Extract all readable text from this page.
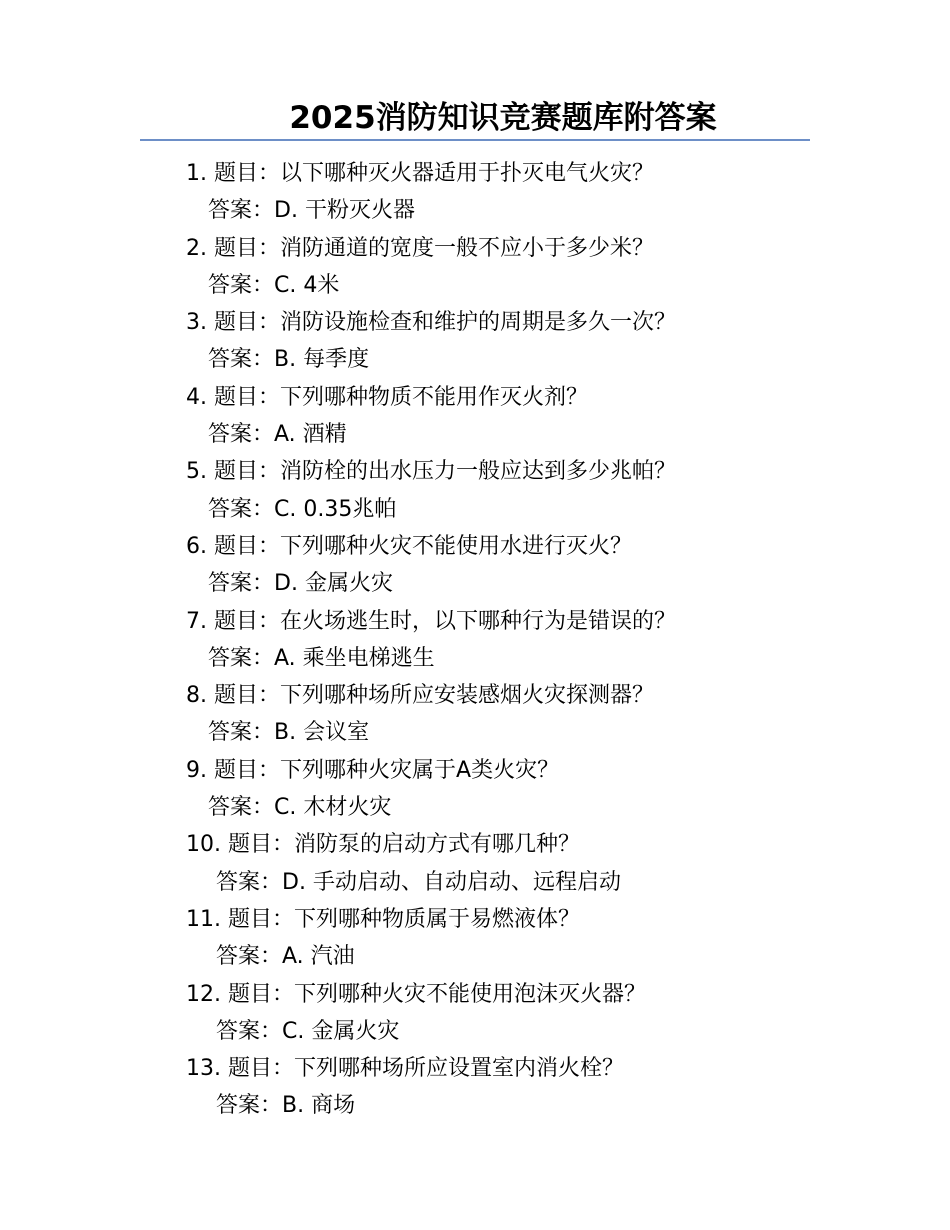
2025消防知识竞赛题库附答案
1. 题目：以下哪种灭火器适用于扑灭电气火灾？
答案：D. 干粉灭火器
2. 题目：消防通道的宽度一般不应小于多少米？
答案：C. 4米
3. 题目：消防设施检查和维护的周期是多久一次？
答案：B. 每季度
4. 题目：下列哪种物质不能用作灭火剂？
答案：A. 酒精
5. 题目：消防栓的出水压力一般应达到多少兆帕？
答案：C. 0.35兆帕
6. 题目：下列哪种火灾不能使用水进行灭火？
答案：D. 金属火灾
7. 题目：在火场逃生时，以下哪种行为是错误的？
答案：A. 乘坐电梯逃生
8. 题目：下列哪种场所应安装感烟火灾探测器？
答案：B. 会议室
9. 题目：下列哪种火灾属于A类火灾？
答案：C. 木材火灾
10. 题目：消防泵的启动方式有哪几种？
答案：D. 手动启动、自动启动、远程启动
11. 题目：下列哪种物质属于易燃液体？
答案：A. 汽油
12. 题目：下列哪种火灾不能使用泡沫灭火器？
答案：C. 金属火灾
13. 题目：下列哪种场所应设置室内消火栓？
答案：B. 商场
